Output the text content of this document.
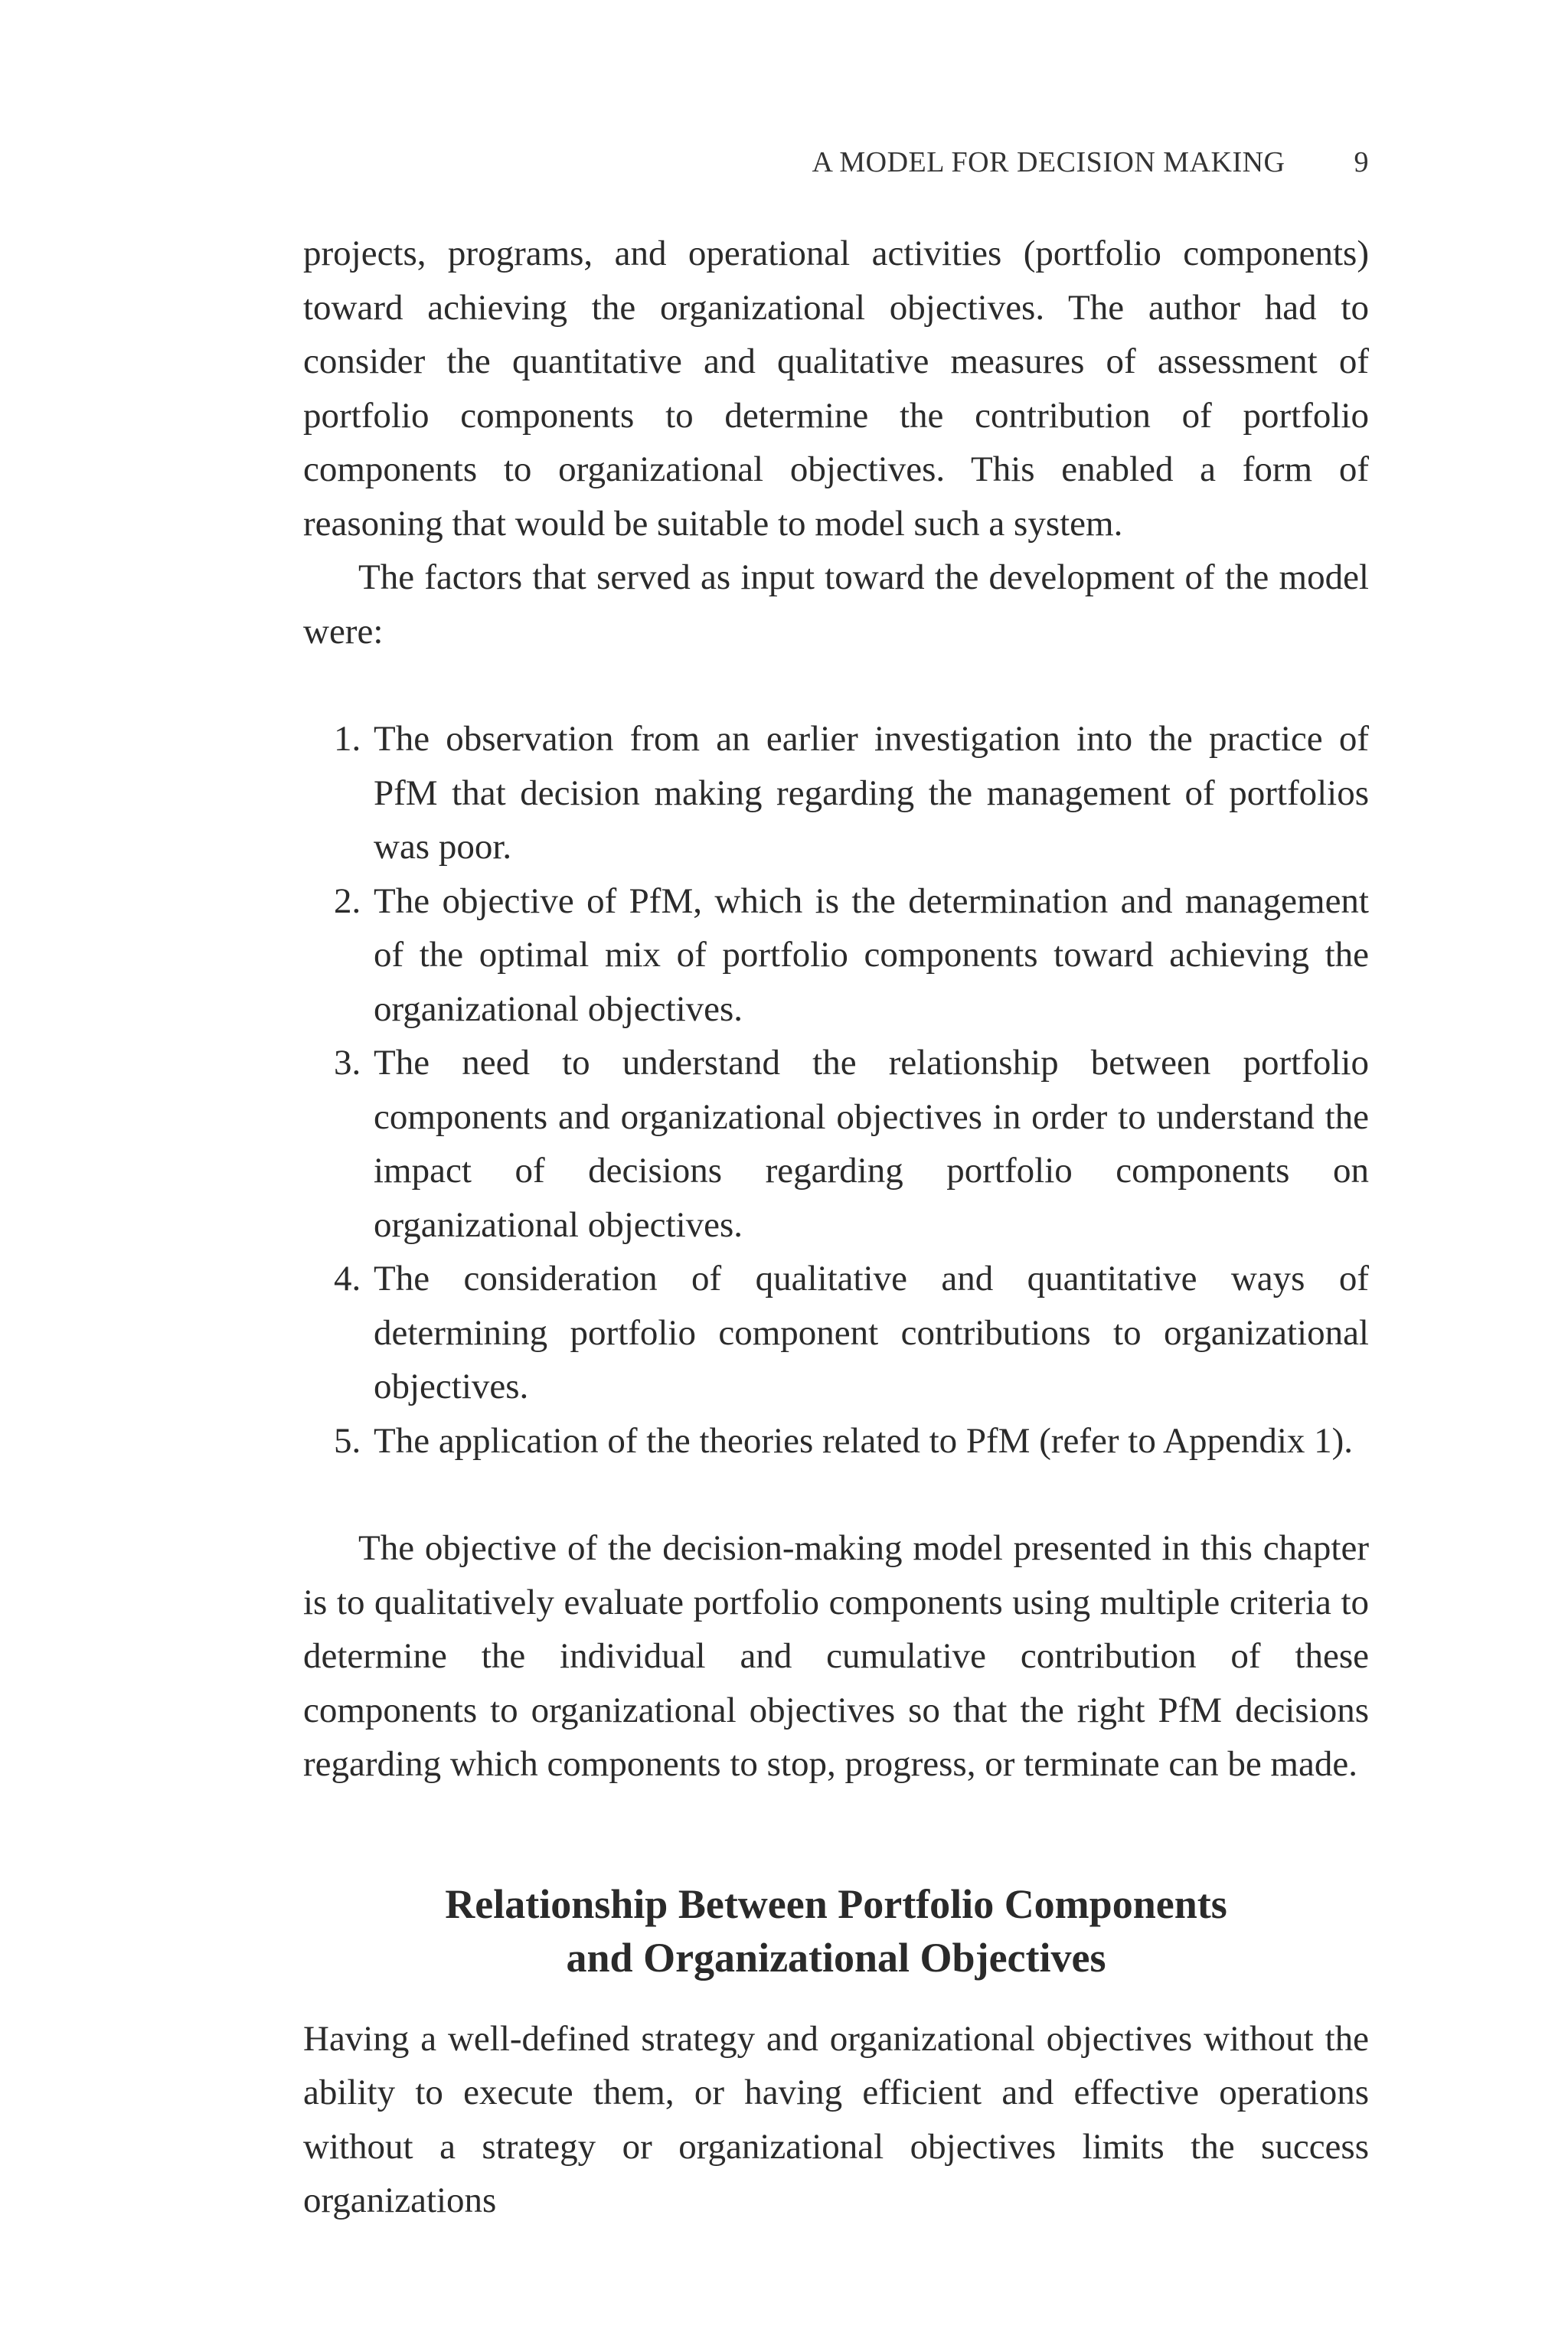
A MODEL FOR DECISION MAKING 9

projects, programs, and operational activities (portfolio components) toward achieving the organizational objectives. The author had to consider the quantitative and qualitative measures of assessment of portfolio components to determine the contribution of portfolio components to organizational objectives. This enabled a form of reasoning that would be suitable to model such a system.

The factors that served as input toward the development of the model were:

1. The observation from an earlier investigation into the practice of PfM that decision making regarding the management of portfolios was poor.
2. The objective of PfM, which is the determination and management of the optimal mix of portfolio components toward achieving the organizational objectives.
3. The need to understand the relationship between portfolio components and organizational objectives in order to understand the impact of decisions regarding portfolio components on organizational objectives.
4. The consideration of qualitative and quantitative ways of determining portfolio component contributions to organizational objectives.
5. The application of the theories related to PfM (refer to Appendix 1).

The objective of the decision-making model presented in this chapter is to qualitatively evaluate portfolio components using multiple criteria to determine the individual and cumulative contribution of these components to organizational objectives so that the right PfM decisions regarding which components to stop, progress, or terminate can be made.

Relationship Between Portfolio Components
and Organizational Objectives

Having a well-defined strategy and organizational objectives without the ability to execute them, or having efficient and effective operations without a strategy or organizational objectives limits the success organizations
